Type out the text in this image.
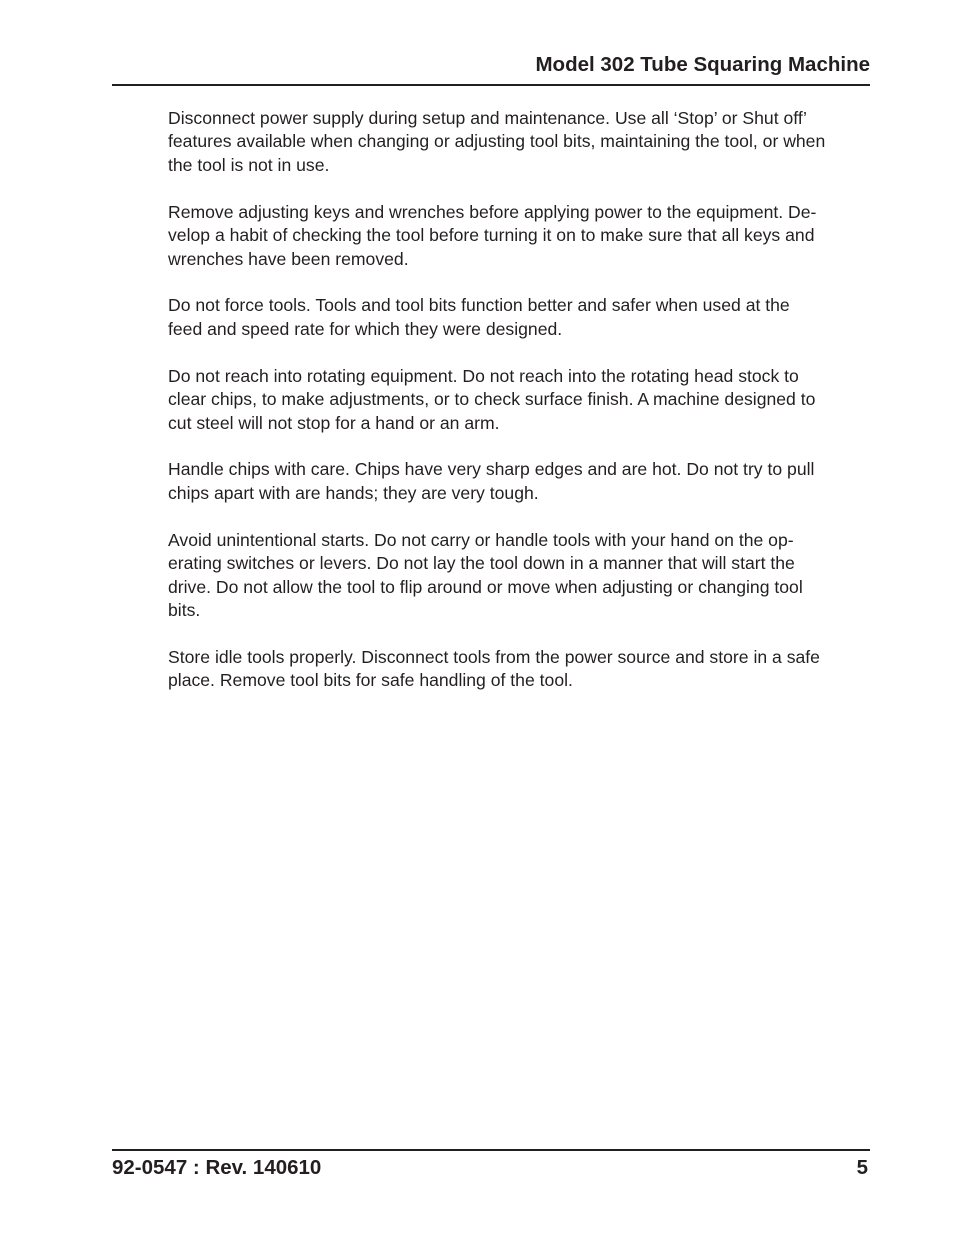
Model 302 Tube Squaring Machine

Disconnect power supply during setup and maintenance. Use all ‘Stop’ or Shut off’
features available when changing or adjusting tool bits, maintaining the tool, or when
the tool is not in use.

Remove adjusting keys and wrenches before applying power to the equipment. De-
velop a habit of checking the tool before turning it on to make sure that all keys and
wrenches have been removed.

Do not force tools. Tools and tool bits function better and safer when used at the
feed and speed rate for which they were designed.

Do not reach into rotating equipment. Do not reach into the rotating head stock to
clear chips, to make adjustments, or to check surface finish. A machine designed to
cut steel will not stop for a hand or an arm.

Handle chips with care. Chips have very sharp edges and are hot. Do not try to pull
chips apart with are hands; they are very tough.

Avoid unintentional starts. Do not carry or handle tools with your hand on the op-
erating switches or levers. Do not lay the tool down in a manner that will start the
drive. Do not allow the tool to flip around or move when adjusting or changing tool
bits.

Store idle tools properly. Disconnect tools from the power source and store in a safe
place. Remove tool bits for safe handling of the tool.

92-0547 : Rev. 140610	5
